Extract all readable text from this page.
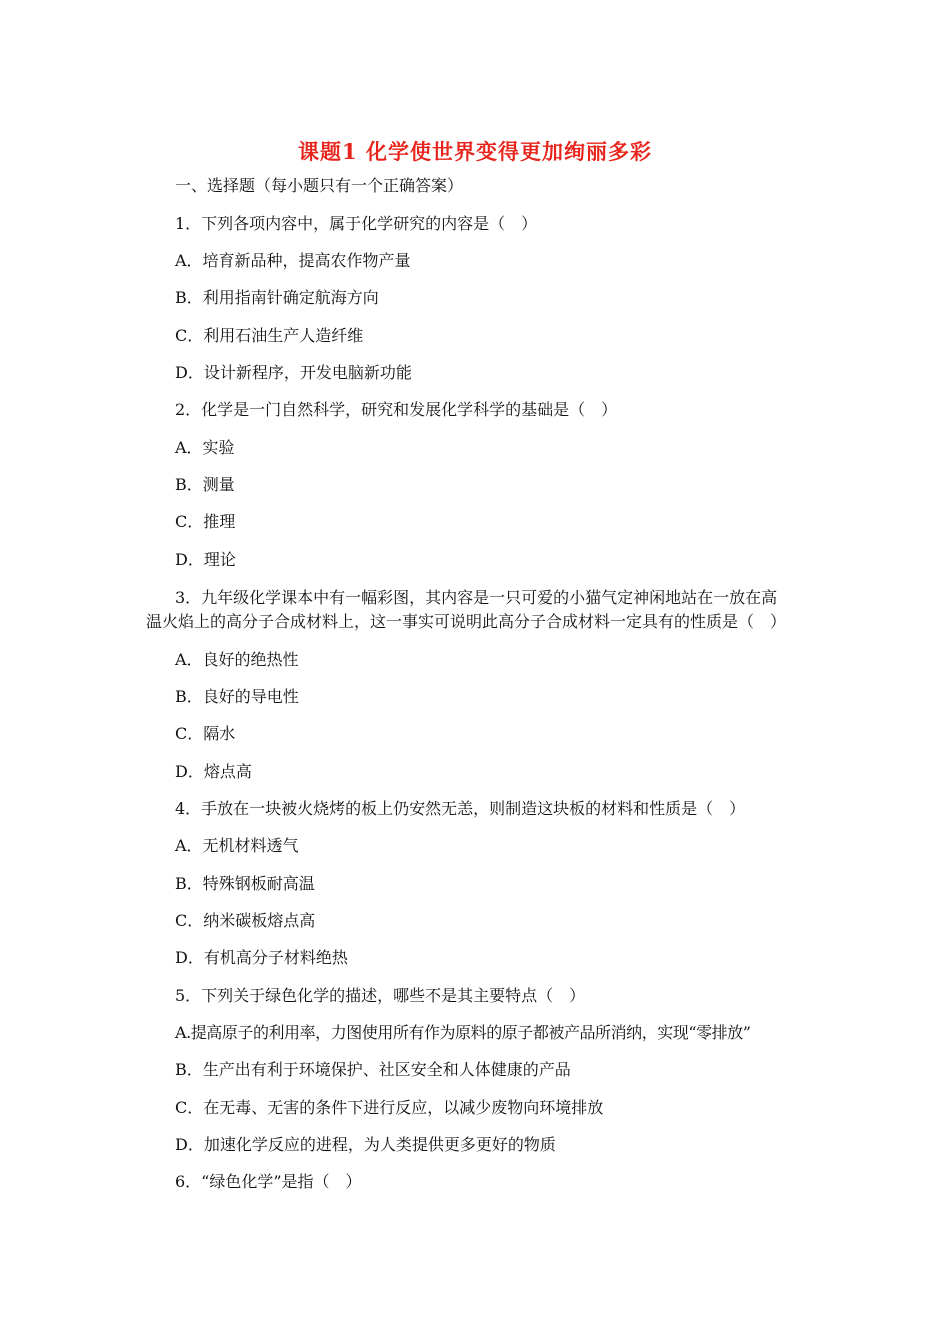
课题1 化学使世界变得更加绚丽多彩

一、选择题（每小题只有一个正确答案）

1．下列各项内容中，属于化学研究的内容是（　）

A．培育新品种，提高农作物产量

B．利用指南针确定航海方向

C．利用石油生产人造纤维

D．设计新程序，开发电脑新功能

2．化学是一门自然科学，研究和发展化学科学的基础是（　）

A．实验

B．测量

C．推理

D．理论

3．九年级化学课本中有一幅彩图，其内容是一只可爱的小猫气定神闲地站在一放在高

温火焰上的高分子合成材料上，这一事实可说明此高分子合成材料一定具有的性质是（　）

A．良好的绝热性

B．良好的导电性

C．隔水

D．熔点高

4．手放在一块被火烧烤的板上仍安然无恙，则制造这块板的材料和性质是（　）

A．无机材料透气

B．特殊钢板耐高温

C．纳米碳板熔点高

D．有机高分子材料绝热

5．下列关于绿色化学的描述，哪些不是其主要特点（　）

A.提高原子的利用率，力图使用所有作为原料的原子都被产品所消纳，实现“零排放”

B．生产出有利于环境保护、社区安全和人体健康的产品

C．在无毒、无害的条件下进行反应，以减少废物向环境排放

D．加速化学反应的进程，为人类提供更多更好的物质

6．“绿色化学”是指（　）
